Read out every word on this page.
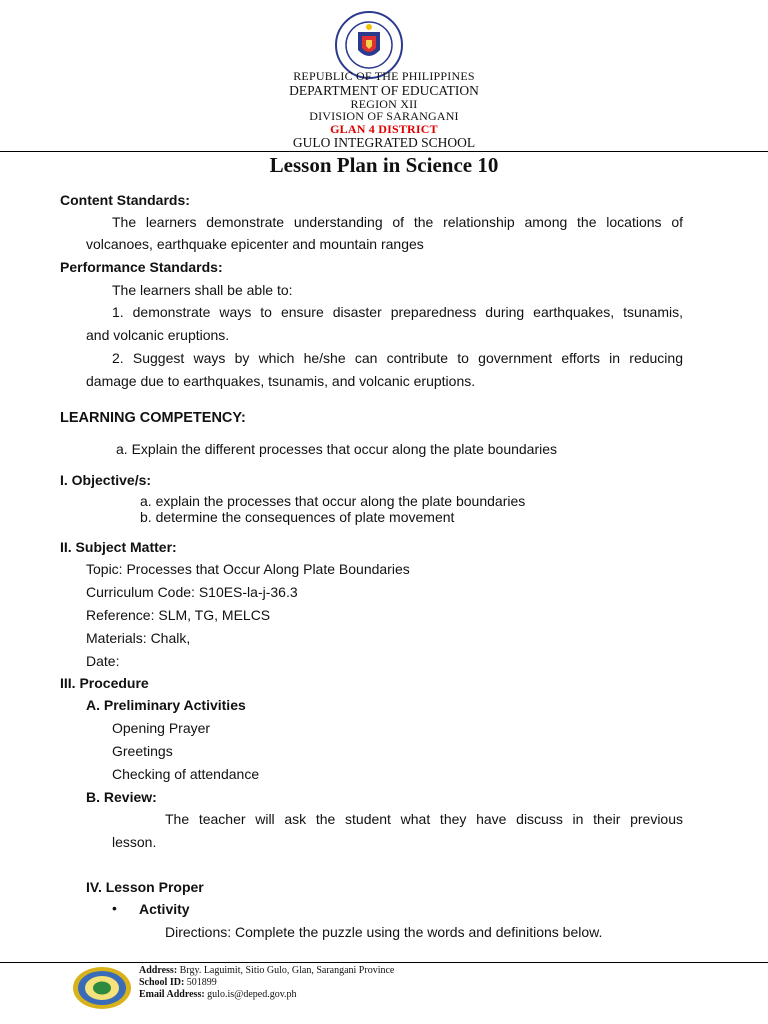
REPUBLIC OF THE PHILIPPINES
DEPARTMENT OF EDUCATION
REGION XII
DIVISION OF SARANGANI
GLAN 4 DISTRICT
GULO INTEGRATED SCHOOL
Lesson Plan in Science 10
Content Standards:
The learners demonstrate understanding of the relationship among the locations of
volcanoes, earthquake epicenter and mountain ranges
Performance Standards:
The learners shall be able to:
1. demonstrate ways to ensure disaster preparedness during earthquakes, tsunamis,
and volcanic eruptions.
2. Suggest ways by which he/she can contribute to government efforts in reducing
damage due to earthquakes, tsunamis, and volcanic eruptions.
LEARNING COMPETENCY:
a. Explain the different processes that occur along the plate boundaries
I. Objective/s:
a. explain the processes that occur along the plate boundaries
b. determine the consequences of plate movement
II. Subject Matter:
Topic: Processes that Occur Along Plate Boundaries
Curriculum Code: S10ES-la-j-36.3
Reference: SLM, TG, MELCS
Materials: Chalk,
Date:
III. Procedure
A. Preliminary Activities
Opening Prayer
Greetings
Checking of attendance
B. Review:
The teacher will ask the student what they have discuss in their previous
lesson.
IV. Lesson Proper
• Activity
Directions: Complete the puzzle using the words and definitions below.
Address: Brgy. Laguimit, Sitio Gulo, Glan, Sarangani Province
School ID: 501899
Email Address: gulo.is@deped.gov.ph
